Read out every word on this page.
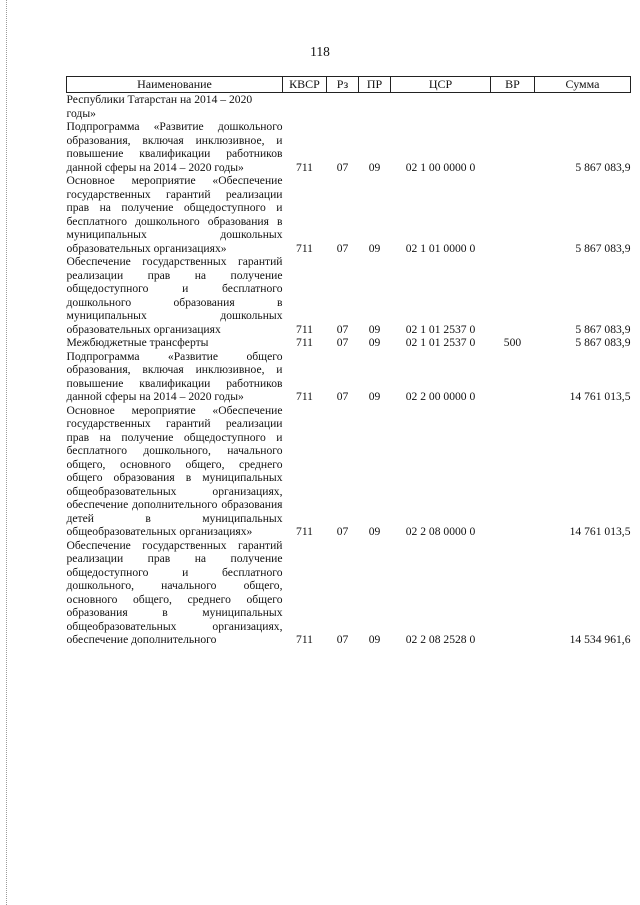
118
Наименование	КВСР	Рз	ПР	ЦСР	ВР	Сумма
Республики Татарстан на 2014 – 2020 годы»						
Подпрограмма «Развитие дошкольного образования, включая инклюзивное, и повышение квалификации работников данной сферы на 2014 – 2020 годы»	711	07	09	02 1 00 0000 0		5 867 083,9
Основное мероприятие «Обеспечение государственных гарантий реализации прав на получение общедоступного и бесплатного дошкольного образования в муниципальных дошкольных образовательных организациях»	711	07	09	02 1 01 0000 0		5 867 083,9
Обеспечение государственных гарантий реализации прав на получение общедоступного и бесплатного дошкольного образования в муниципальных дошкольных образовательных организациях	711	07	09	02 1 01 2537 0		5 867 083,9
Межбюджетные трансферты	711	07	09	02 1 01 2537 0	500	5 867 083,9
Подпрограмма «Развитие общего образования, включая инклюзивное, и повышение квалификации работников данной сферы на 2014 – 2020 годы»	711	07	09	02 2 00 0000 0		14 761 013,5
Основное мероприятие «Обеспечение государственных гарантий реализации прав на получение общедоступного и бесплатного дошкольного, начального общего, основного общего, среднего общего образования в муниципальных общеобразовательных организациях, обеспечение дополнительного образования детей в муниципальных общеобразовательных организациях»	711	07	09	02 2 08 0000 0		14 761 013,5
Обеспечение государственных гарантий реализации прав на получение общедоступного и бесплатного дошкольного, начального общего, основного общего, среднего общего образования в муниципальных общеобразовательных организациях, обеспечение дополнительного	711	07	09	02 2 08 2528 0		14 534 961,6
